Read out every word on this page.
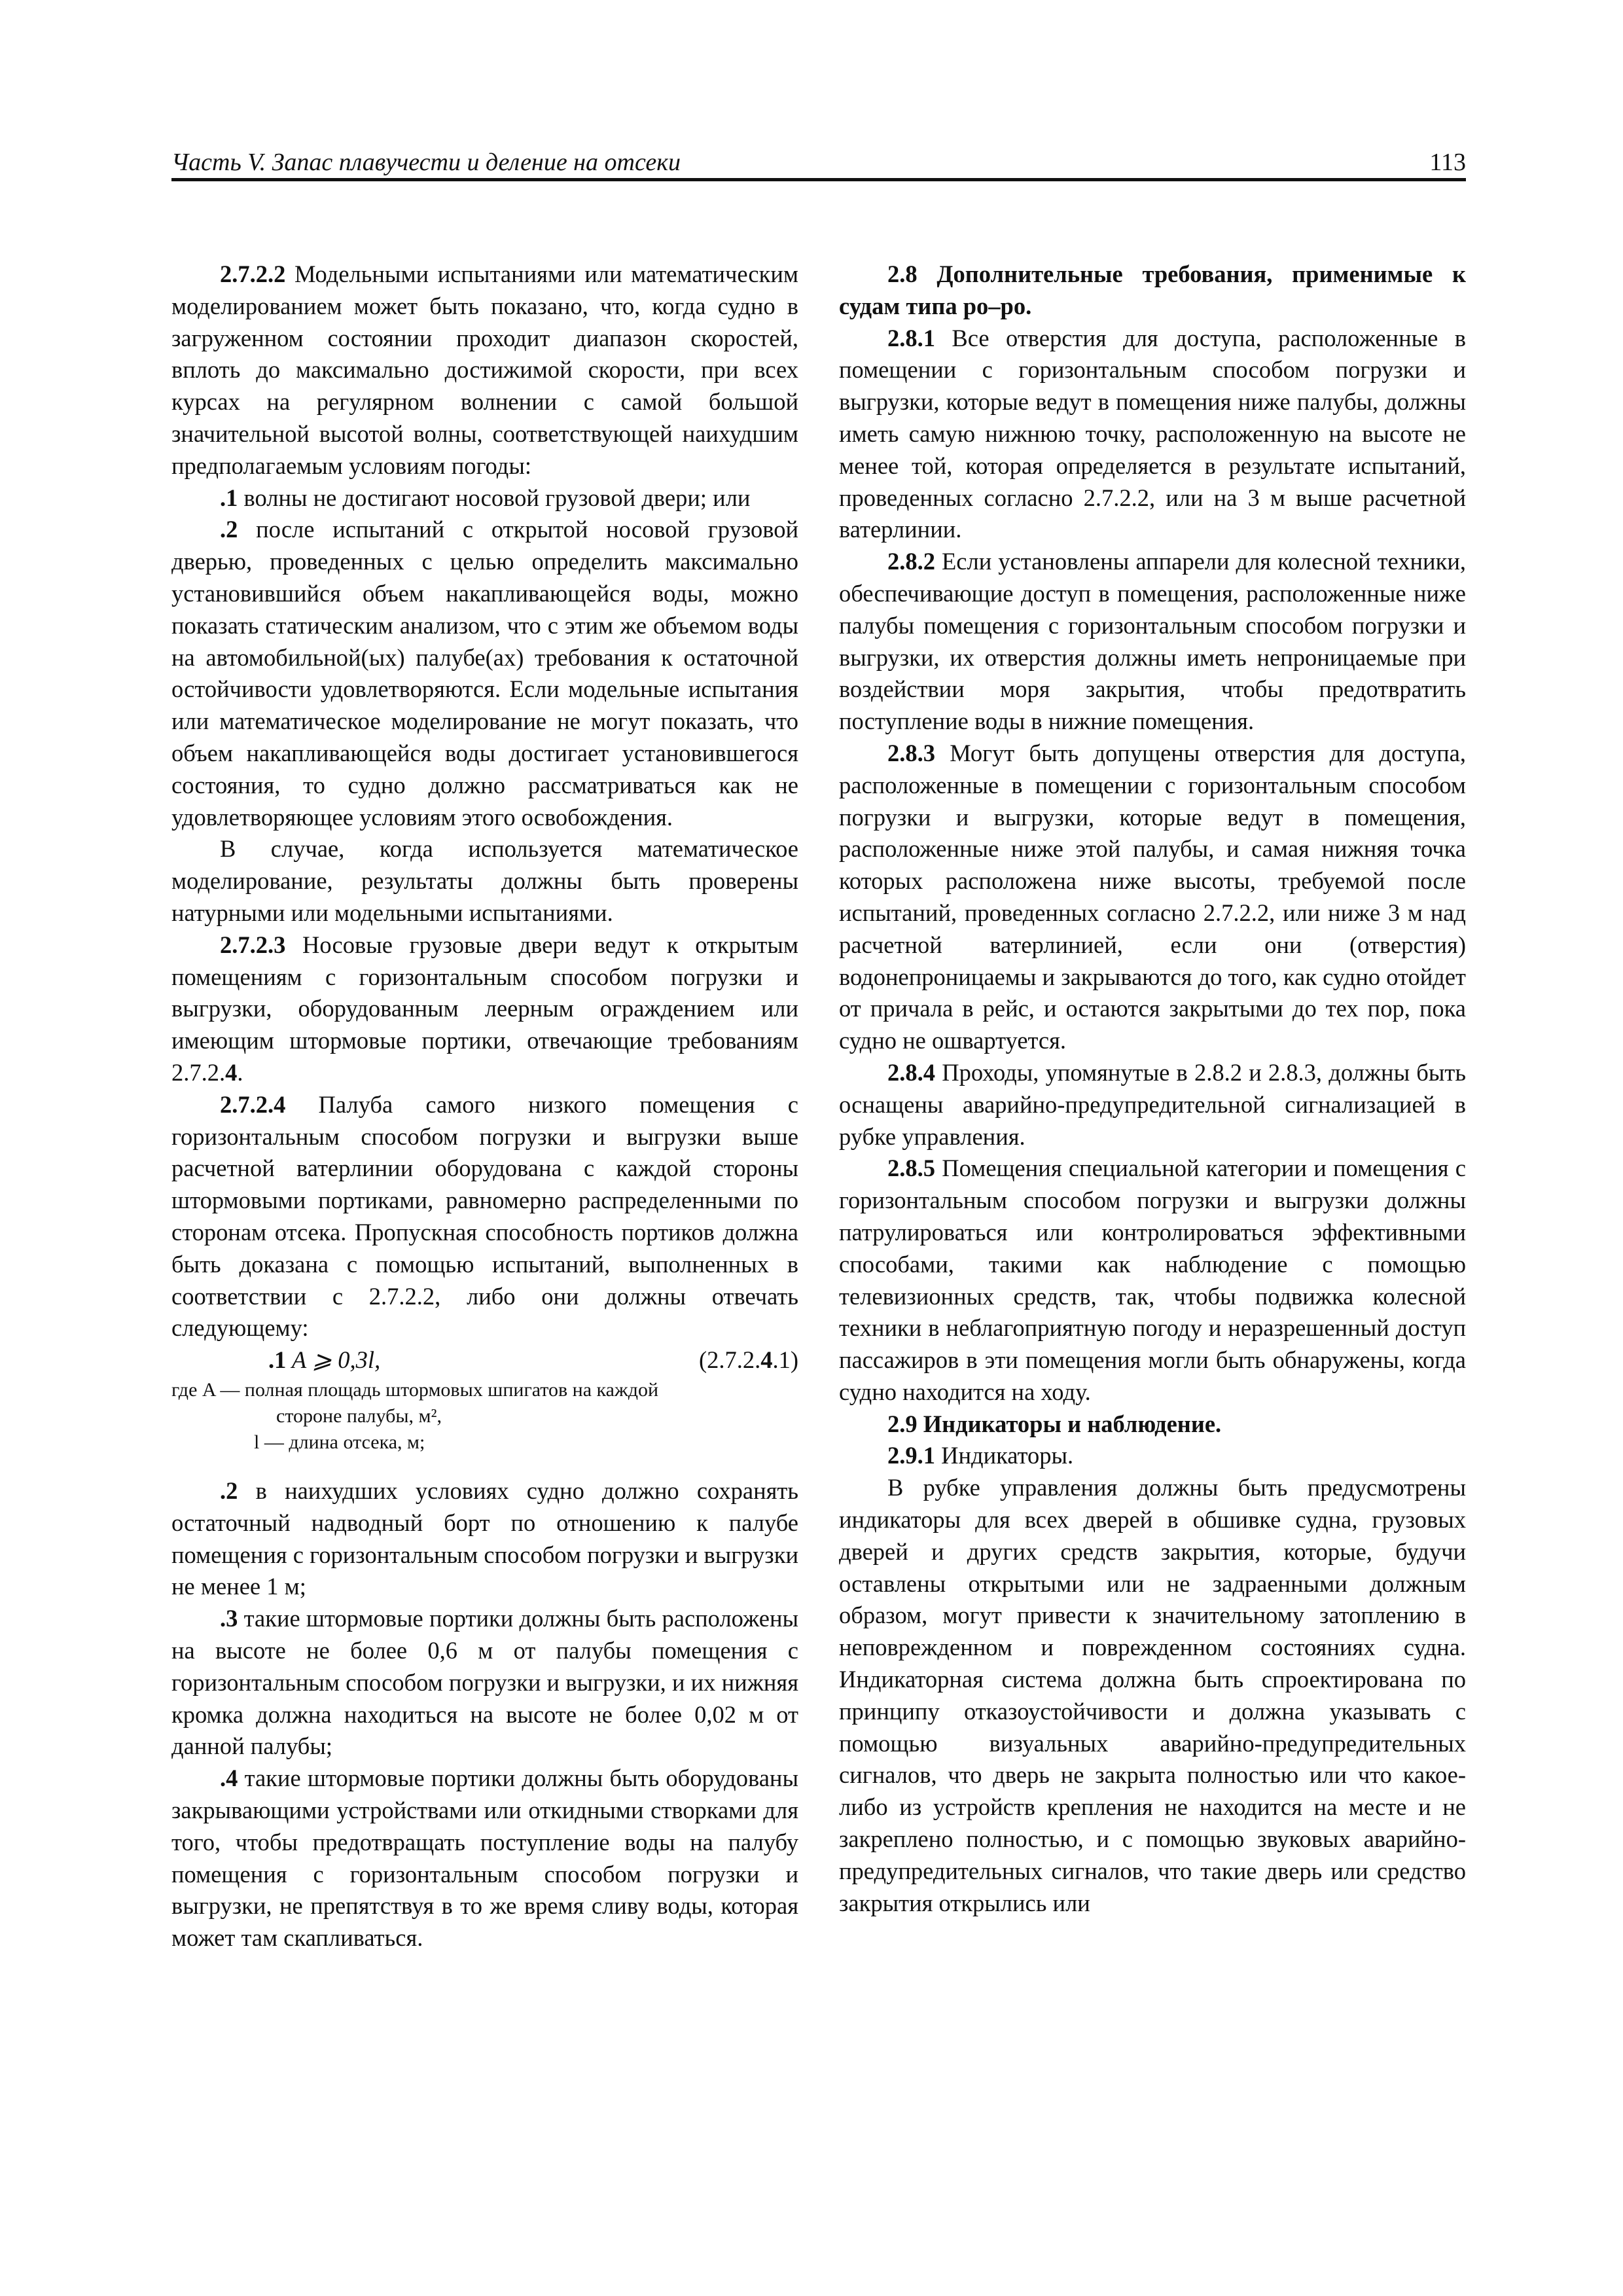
Часть V. Запас плавучести и деление на отсеки	113

2.7.2.2 Модельными испытаниями или математическим моделированием может быть показано, что, когда судно в загруженном состоянии проходит диапазон скоростей, вплоть до максимально достижимой скорости, при всех курсах на регулярном волнении с самой большой значительной высотой волны, соответствующей наихудшим предполагаемым условиям погоды:

.1 волны не достигают носовой грузовой двери; или

.2 после испытаний с открытой носовой грузовой дверью, проведенных с целью определить максимально установившийся объем накапливающейся воды, можно показать статическим анализом, что с этим же объемом воды на автомобильной(ых) палубе(ах) требования к остаточной остойчивости удовлетворяются. Если модельные испытания или математическое моделирование не могут показать, что объем накапливающейся воды достигает установившегося состояния, то судно должно рассматриваться как не удовлетворяющее условиям этого освобождения.

В случае, когда используется математическое моделирование, результаты должны быть проверены натурными или модельными испытаниями.

2.7.2.3 Носовые грузовые двери ведут к открытым помещениям с горизонтальным способом погрузки и выгрузки, оборудованным леерным ограждением или имеющим штормовые портики, отвечающие требованиям 2.7.2.4.

2.7.2.4 Палуба самого низкого помещения с горизонтальным способом погрузки и выгрузки выше расчетной ватерлинии оборудована с каждой стороны штормовыми портиками, равномерно распределенными по сторонам отсека. Пропускная способность портиков должна быть доказана с помощью испытаний, выполненных в соответствии с 2.7.2.2, либо они должны отвечать следующему:

.1 A ⩾ 0,3l,	(2.7.2.4.1)

где A — полная площадь штормовых шпигатов на каждой
стороне палубы, м²,
l — длина отсека, м;

.2 в наихудших условиях судно должно сохранять остаточный надводный борт по отношению к палубе помещения с горизонтальным способом погрузки и выгрузки не менее 1 м;

.3 такие штормовые портики должны быть расположены на высоте не более 0,6 м от палубы помещения с горизонтальным способом погрузки и выгрузки, и их нижняя кромка должна находиться на высоте не более 0,02 м от данной палубы;

.4 такие штормовые портики должны быть оборудованы закрывающими устройствами или откидными створками для того, чтобы предотвращать поступление воды на палубу помещения с горизонтальным способом погрузки и выгрузки, не препятствуя в то же время сливу воды, которая может там скапливаться.

2.8 Дополнительные требования, применимые к судам типа ро–ро.

2.8.1 Все отверстия для доступа, расположенные в помещении с горизонтальным способом погрузки и выгрузки, которые ведут в помещения ниже палубы, должны иметь самую нижнюю точку, расположенную на высоте не менее той, которая определяется в результате испытаний, проведенных согласно 2.7.2.2, или на 3 м выше расчетной ватерлинии.

2.8.2 Если установлены аппарели для колесной техники, обеспечивающие доступ в помещения, расположенные ниже палубы помещения с горизонтальным способом погрузки и выгрузки, их отверстия должны иметь непроницаемые при воздействии моря закрытия, чтобы предотвратить поступление воды в нижние помещения.

2.8.3 Могут быть допущены отверстия для доступа, расположенные в помещении с горизонтальным способом погрузки и выгрузки, которые ведут в помещения, расположенные ниже этой палубы, и самая нижняя точка которых расположена ниже высоты, требуемой после испытаний, проведенных согласно 2.7.2.2, или ниже 3 м над расчетной ватерлинией, если они (отверстия) водонепроницаемы и закрываются до того, как судно отойдет от причала в рейс, и остаются закрытыми до тех пор, пока судно не ошвартуется.

2.8.4 Проходы, упомянутые в 2.8.2 и 2.8.3, должны быть оснащены аварийно-предупредительной сигнализацией в рубке управления.

2.8.5 Помещения специальной категории и помещения с горизонтальным способом погрузки и выгрузки должны патрулироваться или контролироваться эффективными способами, такими как наблюдение с помощью телевизионных средств, так, чтобы подвижка колесной техники в неблагоприятную погоду и неразрешенный доступ пассажиров в эти помещения могли быть обнаружены, когда судно находится на ходу.

2.9 Индикаторы и наблюдение.

2.9.1 Индикаторы.

В рубке управления должны быть предусмотрены индикаторы для всех дверей в обшивке судна, грузовых дверей и других средств закрытия, которые, будучи оставлены открытыми или не задраенными должным образом, могут привести к значительному затоплению в неповрежденном и поврежденном состояниях судна. Индикаторная система должна быть спроектирована по принципу отказоустойчивости и должна указывать с помощью визуальных аварийно-предупредительных сигналов, что дверь не закрыта полностью или что какое-либо из устройств крепления не находится на месте и не закреплено полностью, и с помощью звуковых аварийно-предупредительных сигналов, что такие дверь или средство закрытия открылись или
